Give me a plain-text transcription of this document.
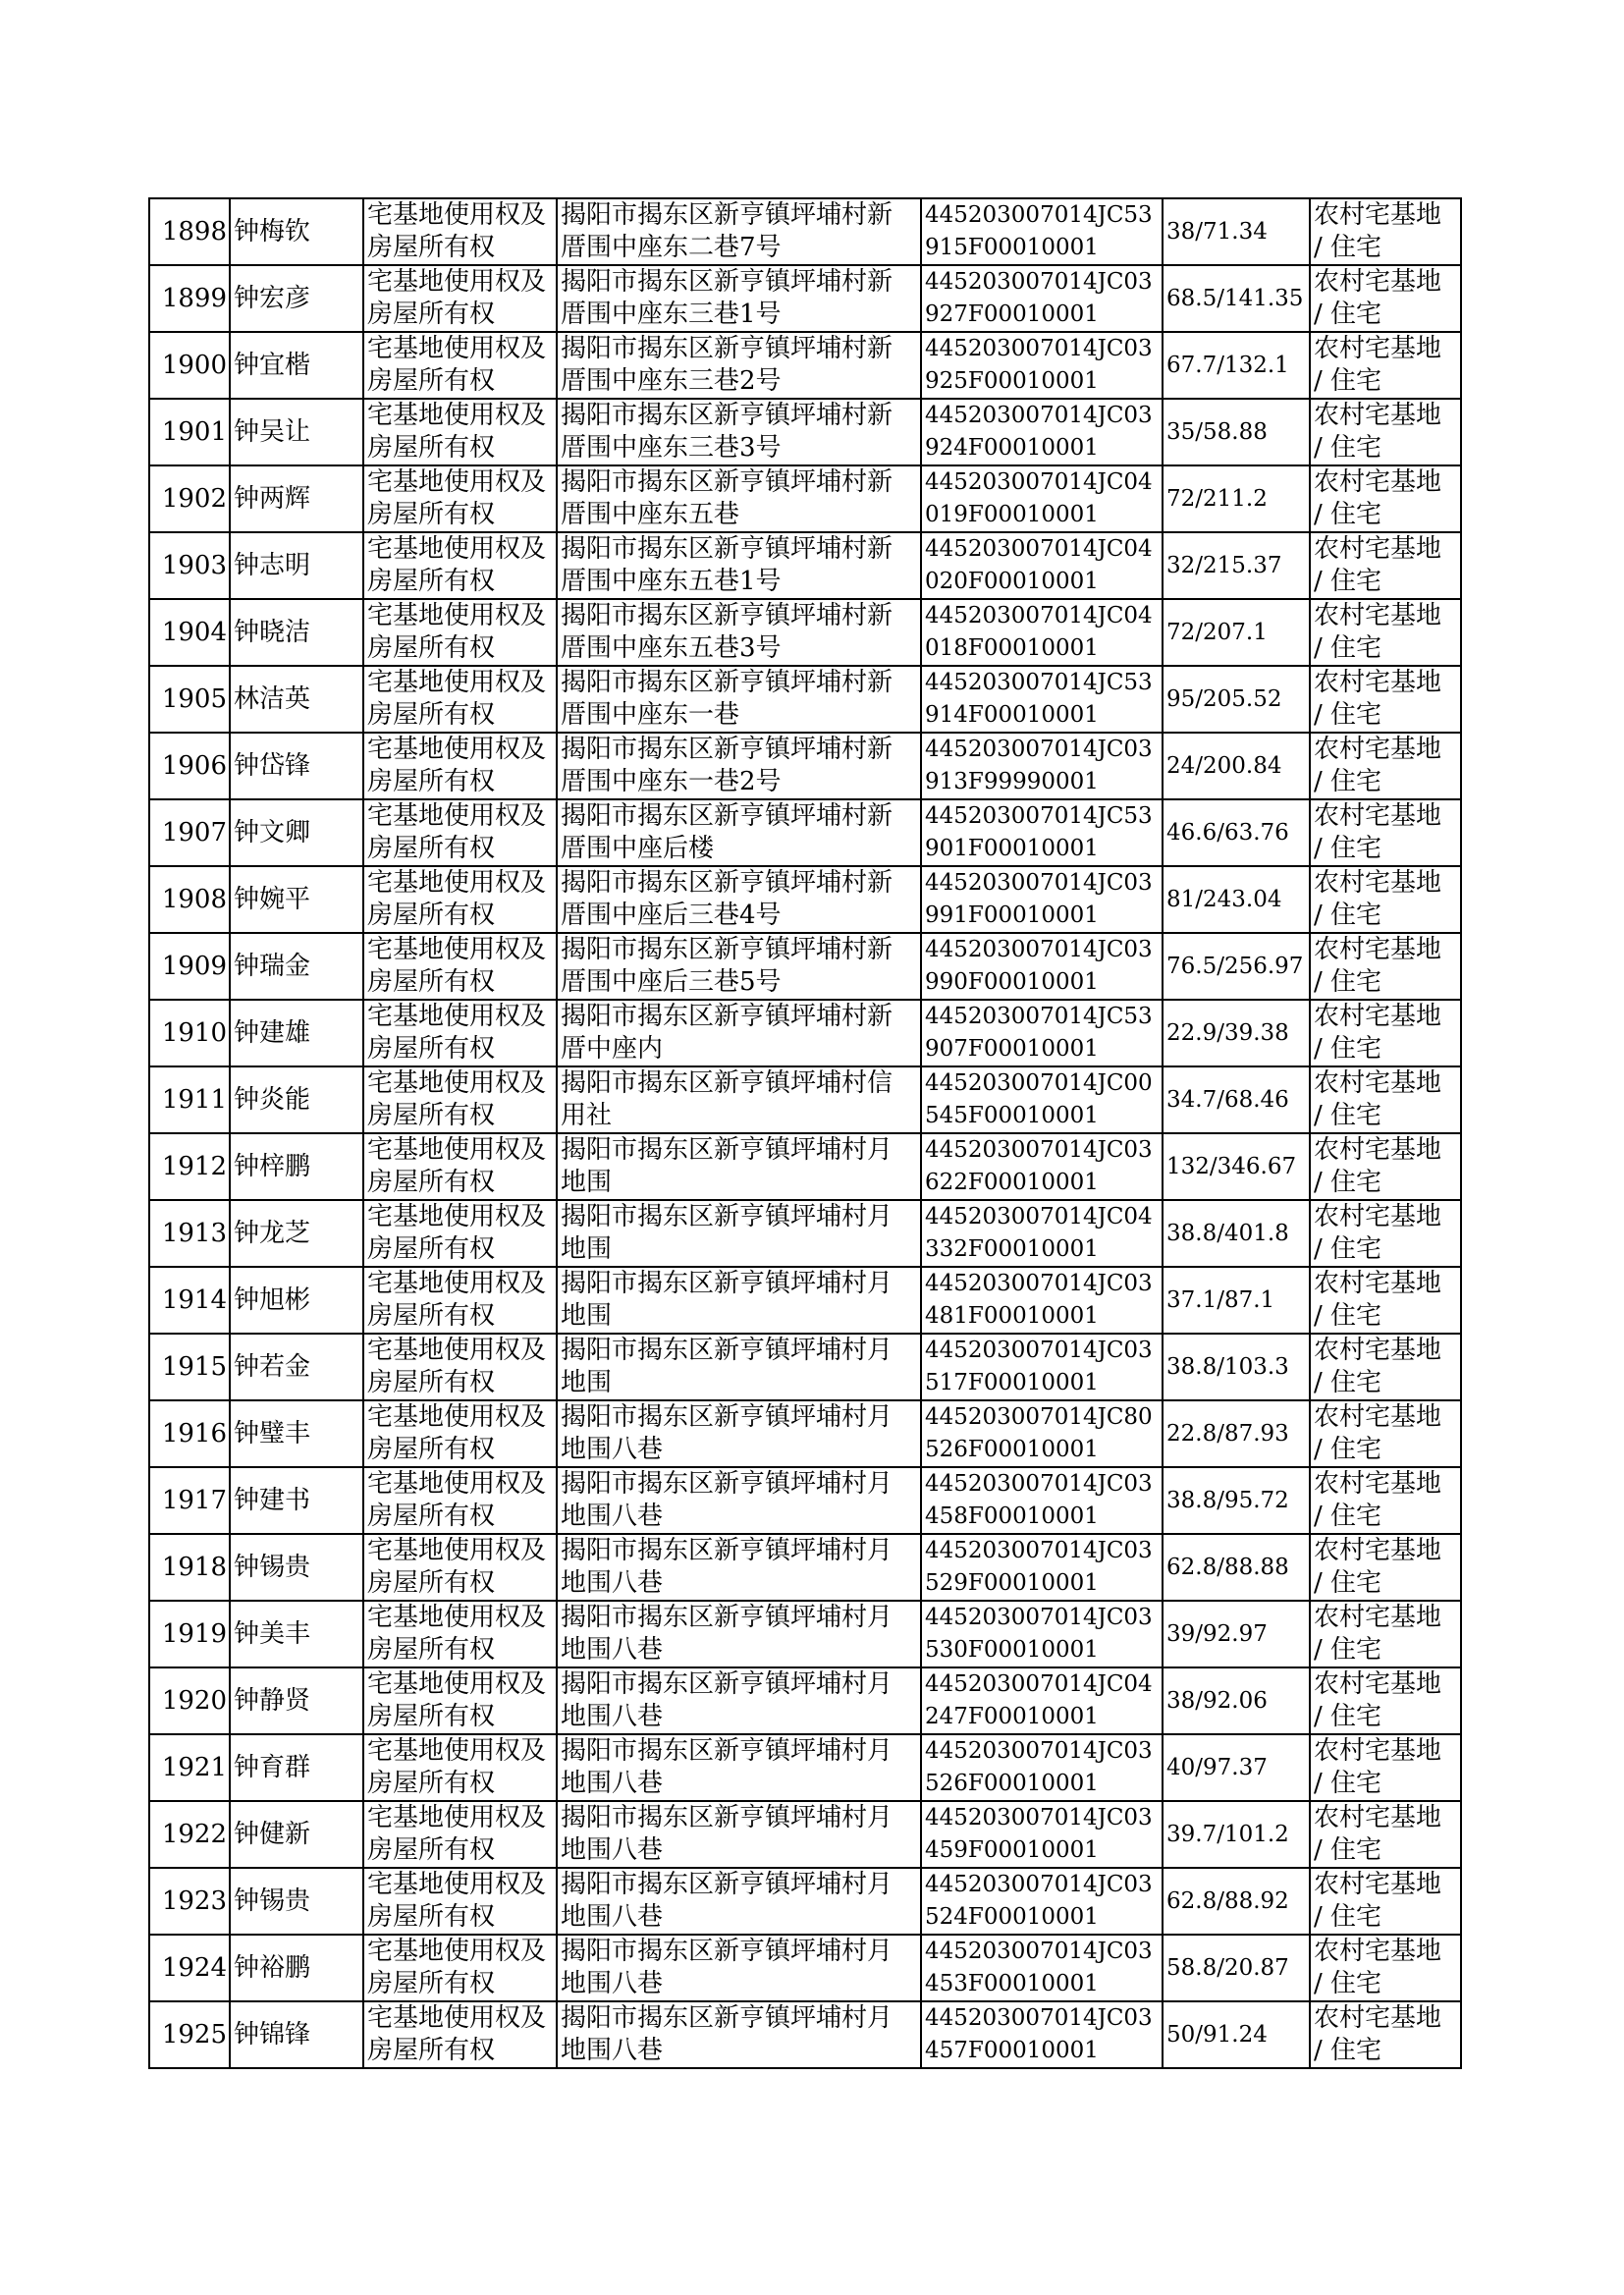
1898	钟梅钦	宅基地使用权及房屋所有权	揭阳市揭东区新亨镇坪埔村新厝围中座东二巷7号	445203007014JC53915F00010001	38/71.34	农村宅基地 / 住宅
1899	钟宏彦	宅基地使用权及房屋所有权	揭阳市揭东区新亨镇坪埔村新厝围中座东三巷1号	445203007014JC03927F00010001	68.5/141.35	农村宅基地 / 住宅
1900	钟宜楷	宅基地使用权及房屋所有权	揭阳市揭东区新亨镇坪埔村新厝围中座东三巷2号	445203007014JC03925F00010001	67.7/132.1	农村宅基地 / 住宅
1901	钟吴让	宅基地使用权及房屋所有权	揭阳市揭东区新亨镇坪埔村新厝围中座东三巷3号	445203007014JC03924F00010001	35/58.88	农村宅基地 / 住宅
1902	钟两辉	宅基地使用权及房屋所有权	揭阳市揭东区新亨镇坪埔村新厝围中座东五巷	445203007014JC04019F00010001	72/211.2	农村宅基地 / 住宅
1903	钟志明	宅基地使用权及房屋所有权	揭阳市揭东区新亨镇坪埔村新厝围中座东五巷1号	445203007014JC04020F00010001	32/215.37	农村宅基地 / 住宅
1904	钟晓洁	宅基地使用权及房屋所有权	揭阳市揭东区新亨镇坪埔村新厝围中座东五巷3号	445203007014JC04018F00010001	72/207.1	农村宅基地 / 住宅
1905	林洁英	宅基地使用权及房屋所有权	揭阳市揭东区新亨镇坪埔村新厝围中座东一巷	445203007014JC53914F00010001	95/205.52	农村宅基地 / 住宅
1906	钟岱锋	宅基地使用权及房屋所有权	揭阳市揭东区新亨镇坪埔村新厝围中座东一巷2号	445203007014JC03913F99990001	24/200.84	农村宅基地 / 住宅
1907	钟文卿	宅基地使用权及房屋所有权	揭阳市揭东区新亨镇坪埔村新厝围中座后楼	445203007014JC53901F00010001	46.6/63.76	农村宅基地 / 住宅
1908	钟婉平	宅基地使用权及房屋所有权	揭阳市揭东区新亨镇坪埔村新厝围中座后三巷4号	445203007014JC03991F00010001	81/243.04	农村宅基地 / 住宅
1909	钟瑞金	宅基地使用权及房屋所有权	揭阳市揭东区新亨镇坪埔村新厝围中座后三巷5号	445203007014JC03990F00010001	76.5/256.97	农村宅基地 / 住宅
1910	钟建雄	宅基地使用权及房屋所有权	揭阳市揭东区新亨镇坪埔村新厝中座内	445203007014JC53907F00010001	22.9/39.38	农村宅基地 / 住宅
1911	钟炎能	宅基地使用权及房屋所有权	揭阳市揭东区新亨镇坪埔村信用社	445203007014JC00545F00010001	34.7/68.46	农村宅基地 / 住宅
1912	钟梓鹏	宅基地使用权及房屋所有权	揭阳市揭东区新亨镇坪埔村月地围	445203007014JC03622F00010001	132/346.67	农村宅基地 / 住宅
1913	钟龙芝	宅基地使用权及房屋所有权	揭阳市揭东区新亨镇坪埔村月地围	445203007014JC04332F00010001	38.8/401.8	农村宅基地 / 住宅
1914	钟旭彬	宅基地使用权及房屋所有权	揭阳市揭东区新亨镇坪埔村月地围	445203007014JC03481F00010001	37.1/87.1	农村宅基地 / 住宅
1915	钟若金	宅基地使用权及房屋所有权	揭阳市揭东区新亨镇坪埔村月地围	445203007014JC03517F00010001	38.8/103.3	农村宅基地 / 住宅
1916	钟璧丰	宅基地使用权及房屋所有权	揭阳市揭东区新亨镇坪埔村月地围八巷	445203007014JC80526F00010001	22.8/87.93	农村宅基地 / 住宅
1917	钟建书	宅基地使用权及房屋所有权	揭阳市揭东区新亨镇坪埔村月地围八巷	445203007014JC03458F00010001	38.8/95.72	农村宅基地 / 住宅
1918	钟锡贵	宅基地使用权及房屋所有权	揭阳市揭东区新亨镇坪埔村月地围八巷	445203007014JC03529F00010001	62.8/88.88	农村宅基地 / 住宅
1919	钟美丰	宅基地使用权及房屋所有权	揭阳市揭东区新亨镇坪埔村月地围八巷	445203007014JC03530F00010001	39/92.97	农村宅基地 / 住宅
1920	钟静贤	宅基地使用权及房屋所有权	揭阳市揭东区新亨镇坪埔村月地围八巷	445203007014JC04247F00010001	38/92.06	农村宅基地 / 住宅
1921	钟育群	宅基地使用权及房屋所有权	揭阳市揭东区新亨镇坪埔村月地围八巷	445203007014JC03526F00010001	40/97.37	农村宅基地 / 住宅
1922	钟健新	宅基地使用权及房屋所有权	揭阳市揭东区新亨镇坪埔村月地围八巷	445203007014JC03459F00010001	39.7/101.2	农村宅基地 / 住宅
1923	钟锡贵	宅基地使用权及房屋所有权	揭阳市揭东区新亨镇坪埔村月地围八巷	445203007014JC03524F00010001	62.8/88.92	农村宅基地 / 住宅
1924	钟裕鹏	宅基地使用权及房屋所有权	揭阳市揭东区新亨镇坪埔村月地围八巷	445203007014JC03453F00010001	58.8/20.87	农村宅基地 / 住宅
1925	钟锦锋	宅基地使用权及房屋所有权	揭阳市揭东区新亨镇坪埔村月地围八巷	445203007014JC03457F00010001	50/91.24	农村宅基地 / 住宅
